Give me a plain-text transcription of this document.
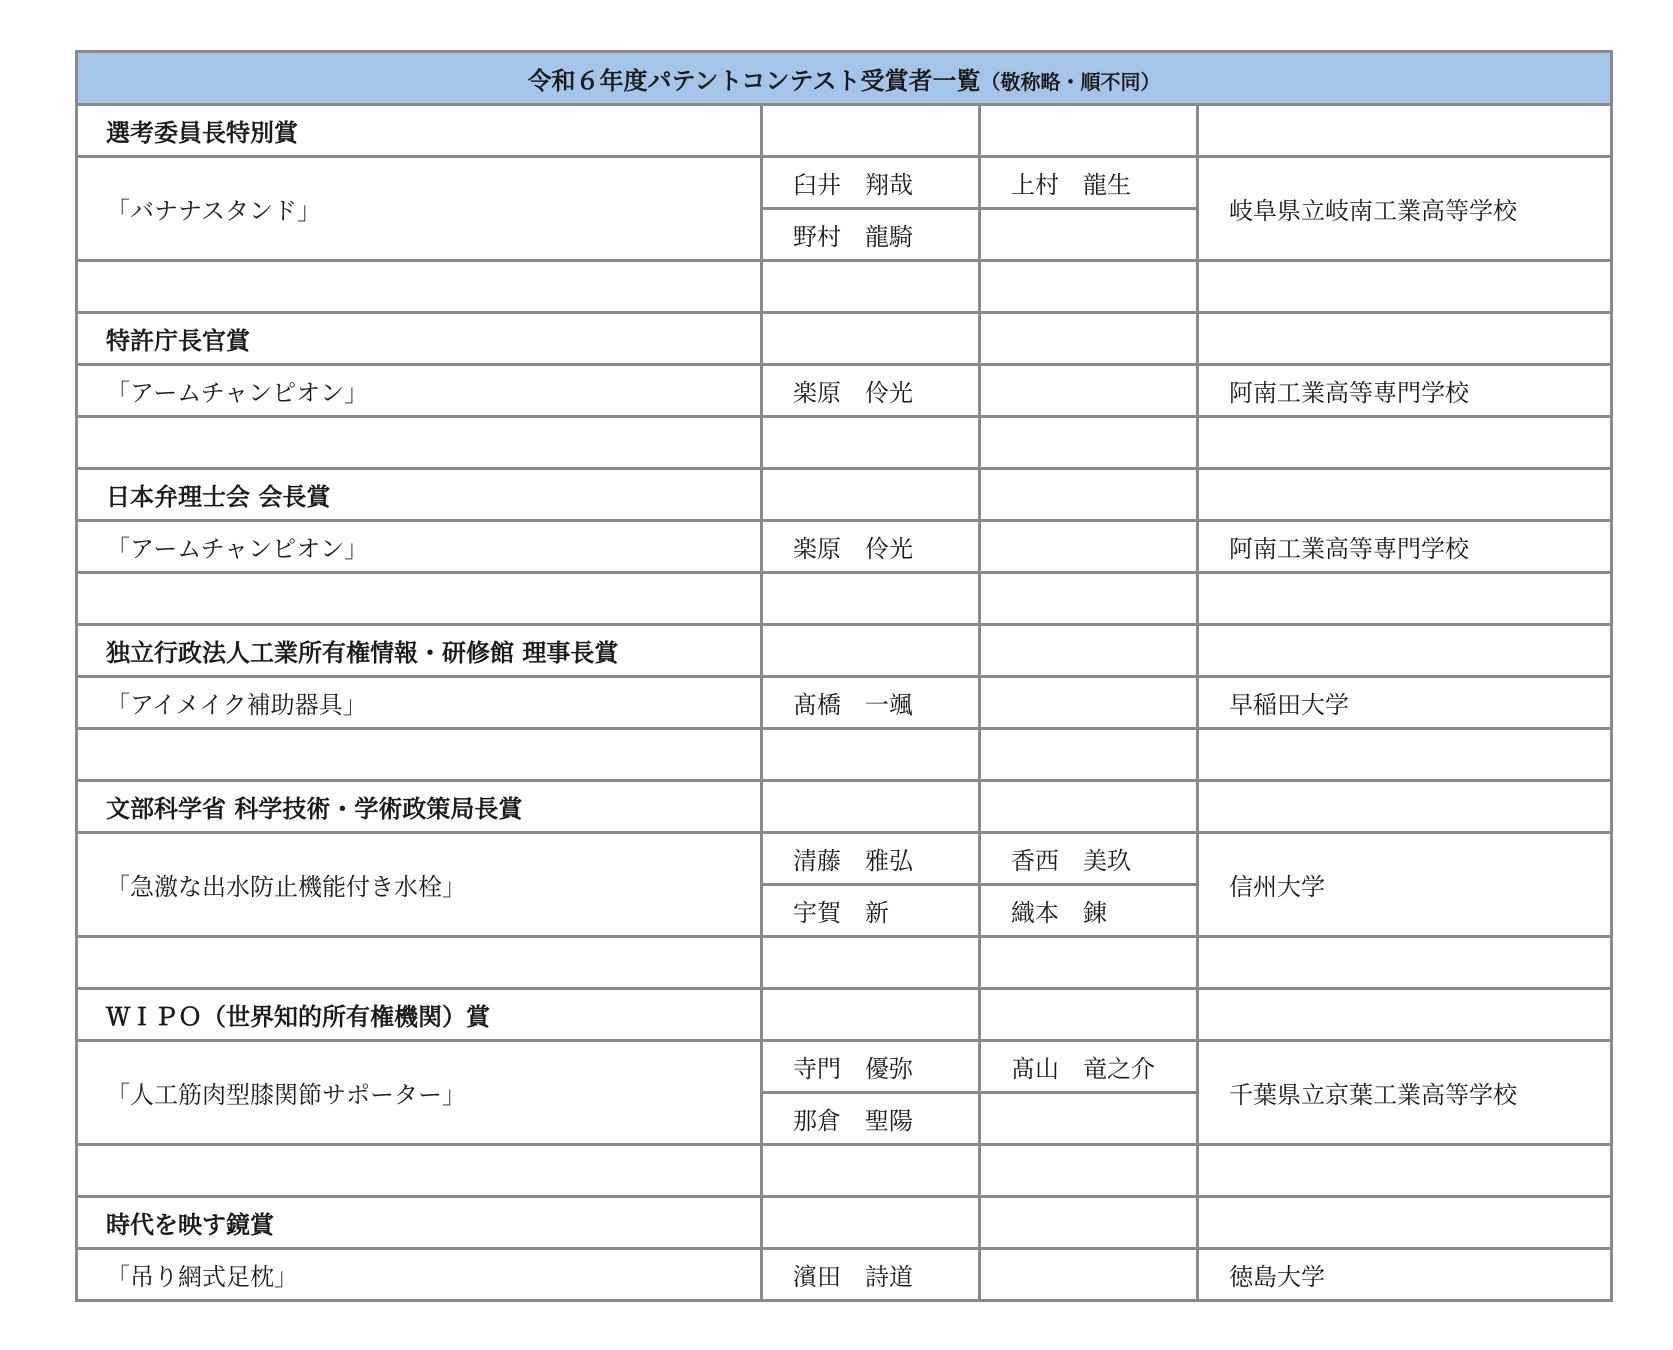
令和６年度パテントコンテスト受賞者一覧（敬称略・順不同）			
選考委員長特別賞			
「バナナスタンド」	臼井　翔哉	上村　龍生	岐阜県立岐南工業高等学校
	野村　龍騎		

特許庁長官賞			
「アームチャンピオン」	楽原　伶光		阿南工業高等専門学校

日本弁理士会 会長賞			
「アームチャンピオン」	楽原　伶光		阿南工業高等専門学校

独立行政法人工業所有権情報・研修館 理事長賞			
「アイメイク補助器具」	髙橋　一颯		早稲田大学

文部科学省 科学技術・学術政策局長賞			
「急激な出水防止機能付き水栓」	清藤　雅弘	香西　美玖	信州大学
	宇賀　新	織本　錬	

ＷＩＰＯ（世界知的所有権機関）賞			
「人工筋肉型膝関節サポーター」	寺門　優弥	髙山　竜之介	千葉県立京葉工業高等学校
	那倉　聖陽		

時代を映す鏡賞			
「吊り網式足枕」	濱田　詩道		徳島大学
